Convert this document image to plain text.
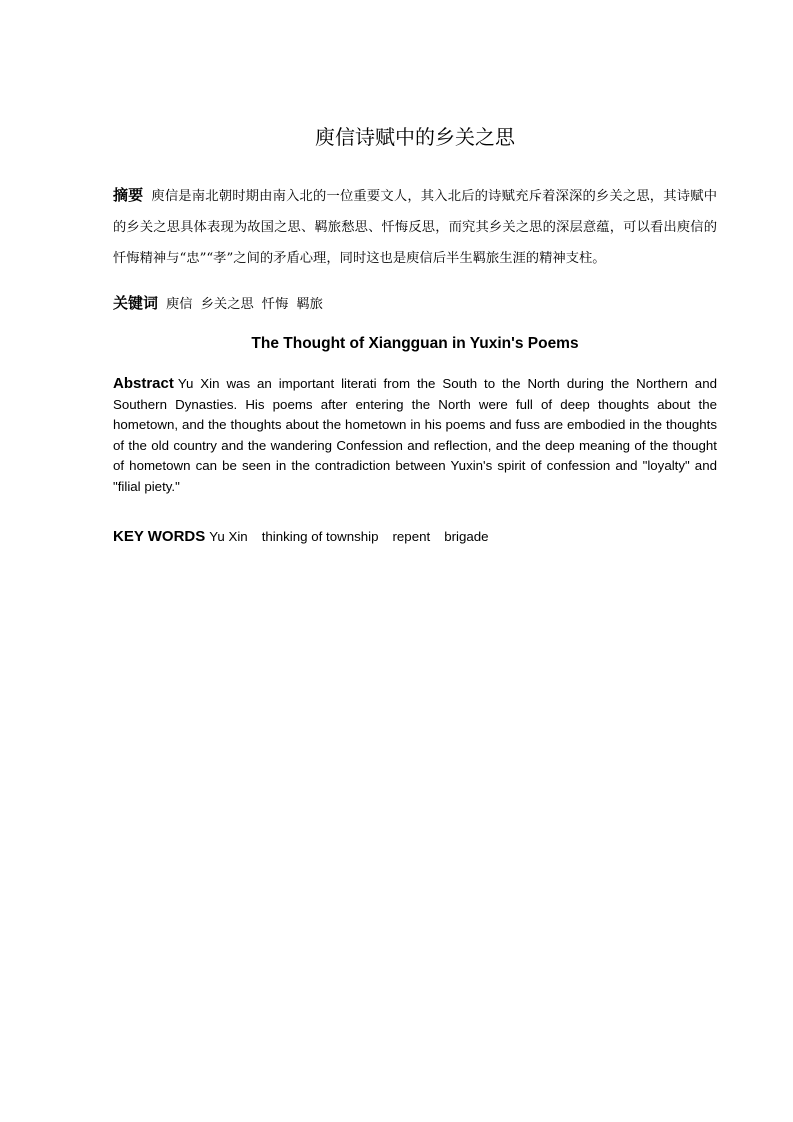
庾信诗赋中的乡关之思
摘要 庾信是南北朝时期由南入北的一位重要文人，其入北后的诗赋充斥着深深的乡关之思，其诗赋中的乡关之思具体表现为故国之思、羁旅愁思、忏悔反思，而究其乡关之思的深层意蕴，可以看出庾信的忏悔精神与“忠”“孝”之间的矛盾心理，同时这也是庾信后半生羁旅生涯的精神支柱。
关键词 庾信 乡关之思 忏悔 羁旅
The Thought of Xiangguan in Yuxin's Poems
Abstract Yu Xin was an important literati from the South to the North during the Northern and Southern Dynasties. His poems after entering the North were full of deep thoughts about the hometown, and the thoughts about the hometown in his poems and fuss are embodied in the thoughts of the old country and the wandering Confession and reflection, and the deep meaning of the thought of hometown can be seen in the contradiction between Yuxin's spirit of confession and "loyalty" and "filial piety."
KEY WORDS Yu Xin thinking of township repent brigade
